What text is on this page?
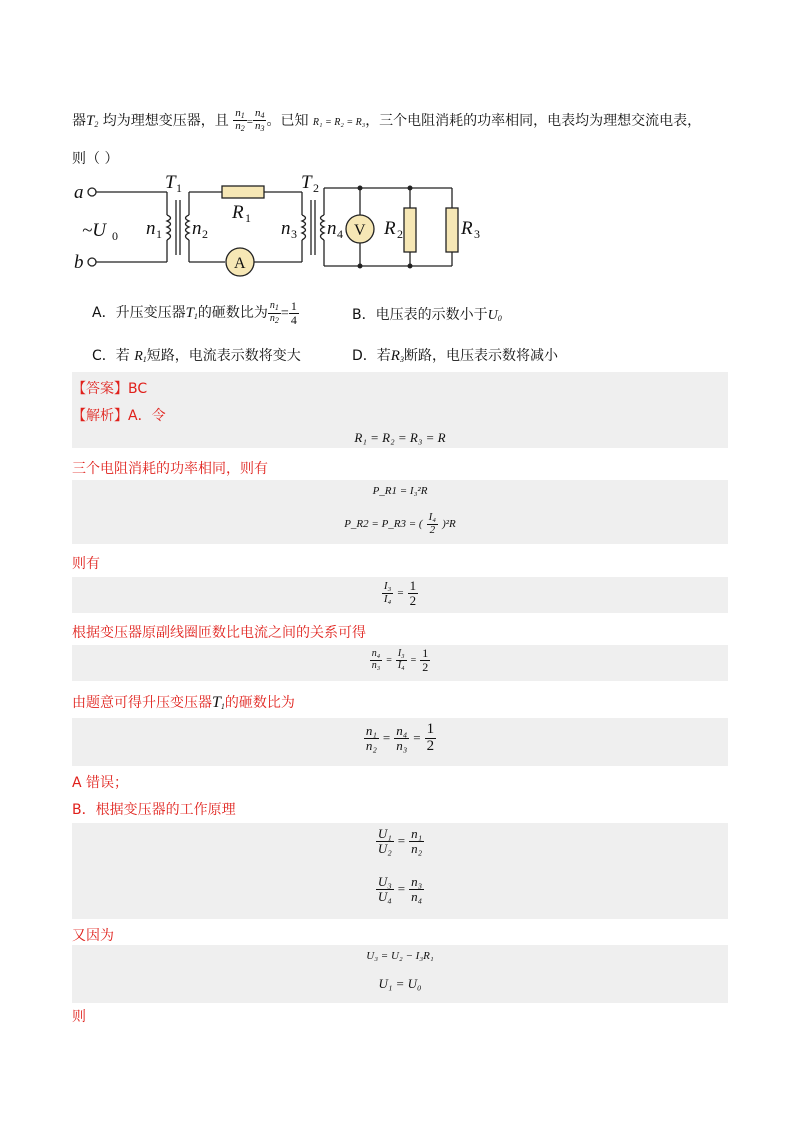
器T2 均为理想变压器，且 $\frac{n1}{n2} = \frac{n4}{n3}$ 。已知 R₁ = R₂ = R₃，三个电阻消耗的功率相同，电表均为理想交流电表，
则（ ）
a
b
T 1	T 2
R 1
~U 0 n 1 n 2	n 3 n 4 R 2	R 3
A
V
A．升压变压器T1的砸数比为 $\frac{n_1}{n_2} = \frac{1}{4}$	B．电压表的示数小于U0
C．若 R1短路，电流表示数将变大	D．若R3断路，电压表示数将减小
【答案】BC
【解析】A．令
R₁ = R₂ = R₃ = R
三个电阻消耗的功率相同，则有
P_R1 = I₃²R
P_R2 = P_R3 = ( $\frac{\text{I₄}}{2} )^2R$
则有
$\frac{\text{I₃}}{\text{I₄}} = \frac{1}{2}$
根据变压器原副线圈匝数比电流之间的关系可得
$\frac{\text{n₄}}{\text{n₃}} = \frac{\text{I₃}}{\text{I₄}} = \frac{1}{2}$
由题意可得升压变压器T1的砸数比为
$\frac{\text{n₁}}{\text{n₂}} = \frac{\text{n₄}}{\text{n₃}} = \frac{1}{2}$
A 错误；
B．根据变压器的工作原理
$\frac{\text{U₁}}{\text{U₂}} = \frac{\text{n₁}}{\text{n₂}}$
$\frac{\text{U₃}}{\text{U₄}} = \frac{\text{n₃}}{\text{n₄}}$
又因为
U₃ = U₂ − I₃R₁
U₁ = U₀
则
